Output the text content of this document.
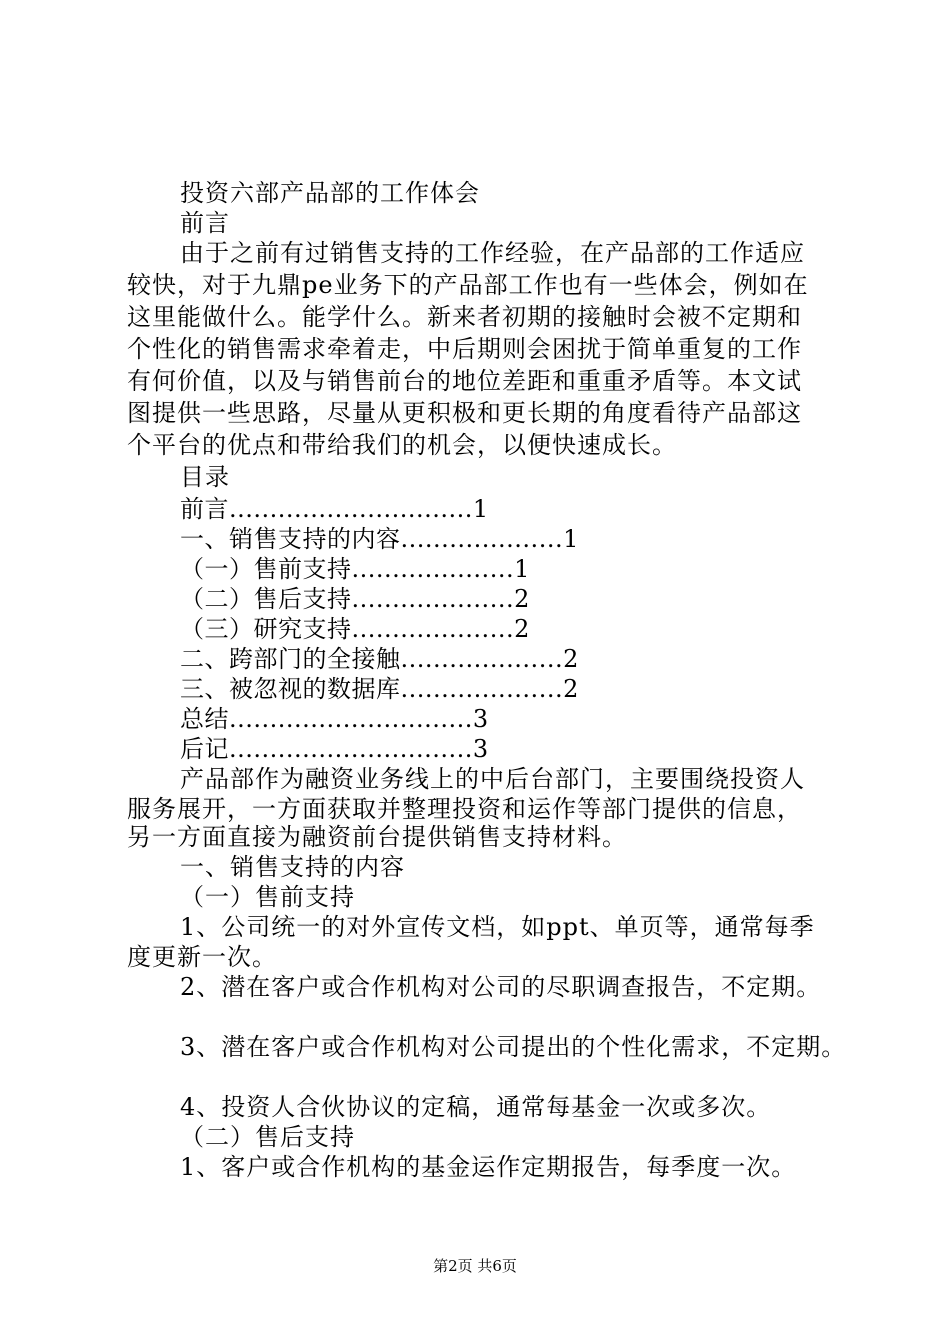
投资六部产品部的工作体会
前言
由于之前有过销售支持的工作经验，在产品部的工作适应
较快，对于九鼎pe业务下的产品部工作也有一些体会，例如在
这里能做什么。能学什么。新来者初期的接触时会被不定期和
个性化的销售需求牵着走，中后期则会困扰于简单重复的工作
有何价值，以及与销售前台的地位差距和重重矛盾等。本文试
图提供一些思路，尽量从更积极和更长期的角度看待产品部这
个平台的优点和带给我们的机会，以便快速成长。
目录
前言..............................1
一、销售支持的内容....................1
（一）售前支持....................1
（二）售后支持....................2
（三）研究支持....................2
二、跨部门的全接触....................2
三、被忽视的数据库....................2
总结..............................3
后记..............................3
产品部作为融资业务线上的中后台部门，主要围绕投资人
服务展开，一方面获取并整理投资和运作等部门提供的信息，
另一方面直接为融资前台提供销售支持材料。
一、销售支持的内容
（一）售前支持
1、公司统一的对外宣传文档，如ppt、单页等，通常每季
度更新一次。
2、潜在客户或合作机构对公司的尽职调查报告，不定期。
3、潜在客户或合作机构对公司提出的个性化需求，不定期。
4、投资人合伙协议的定稿，通常每基金一次或多次。
（二）售后支持
1、客户或合作机构的基金运作定期报告，每季度一次。
第2页 共6页
